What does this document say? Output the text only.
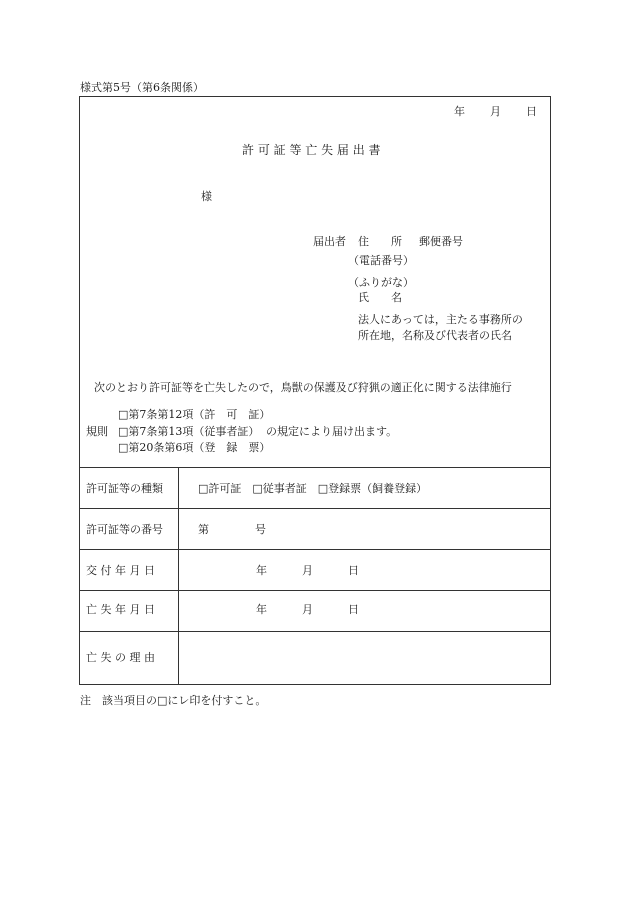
様式第5号（第6条関係）
年 月 日
許 可 証 等 亡 失 届 出 書
様
届出者 住　　所 郵便番号
（電話番号）
（ふりがな）
氏　　名
法人にあっては，主たる事務所の
所在地，名称及び代表者の氏名
次のとおり許可証等を亡失したので，鳥獣の保護及び狩猟の適正化に関する法律施行
□第7条第12項（許　可　証）
規則 □第7条第13項（従事者証） の規定により届け出ます。
□第20条第6項（登　録　票）
許可証等の種類	□許可証　□従事者証　□登録票（飼養登録）
許可証等の番号	第	号
交 付 年 月 日	年	月	日
亡 失 年 月 日	年	月	日
亡 失 の 理 由
注　該当項目の□にレ印を付すこと。
